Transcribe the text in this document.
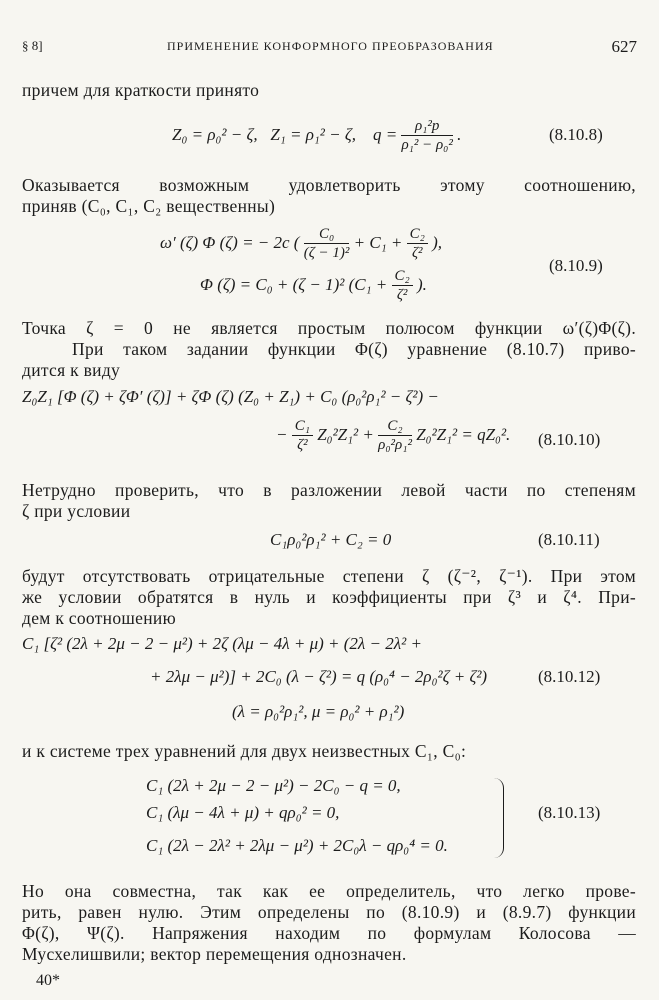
§ 8]	ПРИМЕНЕНИЕ КОНФОРМНОГО ПРЕОБРАЗОВАНИЯ	627
причем для краткости принято
Z₀ = ρ₀² − ζ, Z₁ = ρ₁² − ζ, $q = \frac{\text{ρ₁²p}}{\text{ρ₁² − ρ₀²}}$ .	(8.10.8)
Оказывается возможным удовлетворить этому соотношению,
приняв (C₀, C₁, C₂ вещественны)
ω′ (ζ) Φ (ζ) = − 2c ( $\frac{\text{C₀}}{\text{(ζ − 1)²}} + C_1 + \frac{\text{C₂}}{\text{ζ²}}$ ),
Φ (ζ) = C₀ + (ζ − 1)² ($C_1 + \frac{\text{C₂}}{\text{ζ²}}$ ).
(8.10.9)
Точка ζ = 0 не является простым полюсом функции ω′(ζ)Φ(ζ).
При таком задании функции Φ(ζ) уравнение (8.10.7) приво-
дится к виду
Z₀Z₁ [Φ (ζ) + ζΦ′ (ζ)] + ζΦ (ζ) (Z₀ + Z₁) + C₀ (ρ₀²ρ₁² − ζ²) −
− $\frac{\text{C₁}}{\text{ζ²}} Z_0^2Z_1^2 + \frac{\text{C₂}}{\text{ρ₀²ρ₁²}} Z_0^2Z_1^2 = qZ_0^2$. (8.10.10)
Нетрудно проверить, что в разложении левой части по степеням
ζ при условии
C₁ρ₀²ρ₁² + C₂ = 0	(8.10.11)
будут отсутствовать отрицательные степени ζ (ζ⁻², ζ⁻¹). При этом
же условии обратятся в нуль и коэффициенты при ζ³ и ζ⁴. При-
дем к соотношению
C₁ [ζ² (2λ + 2μ − 2 − μ²) + 2ζ (λμ − 4λ + μ) + (2λ − 2λ² +
+ 2λμ − μ²)] + 2C₀ (λ − ζ²) = q (ρ₀⁴ − 2ρ₀²ζ + ζ²)	(8.10.12)
(λ = ρ₀²ρ₁², μ = ρ₀² + ρ₁²)
и к системе трех уравнений для двух неизвестных C₁, C₀:
C₁ (2λ + 2μ − 2 − μ²) − 2C₀ − q = 0,
C₁ (λμ − 4λ + μ) + qρ₀² = 0,
C₁ (2λ − 2λ² + 2λμ − μ²) + 2C₀λ − qρ₀⁴ = 0.
(8.10.13)
Но она совместна, так как ее определитель, что легко прове-
рить, равен нулю. Этим определены по (8.10.9) и (8.9.7) функции
Φ(ζ), Ψ(ζ). Напряжения находим по формулам Колосова —
Мусхелишвили; вектор перемещения однозначен.
40*
